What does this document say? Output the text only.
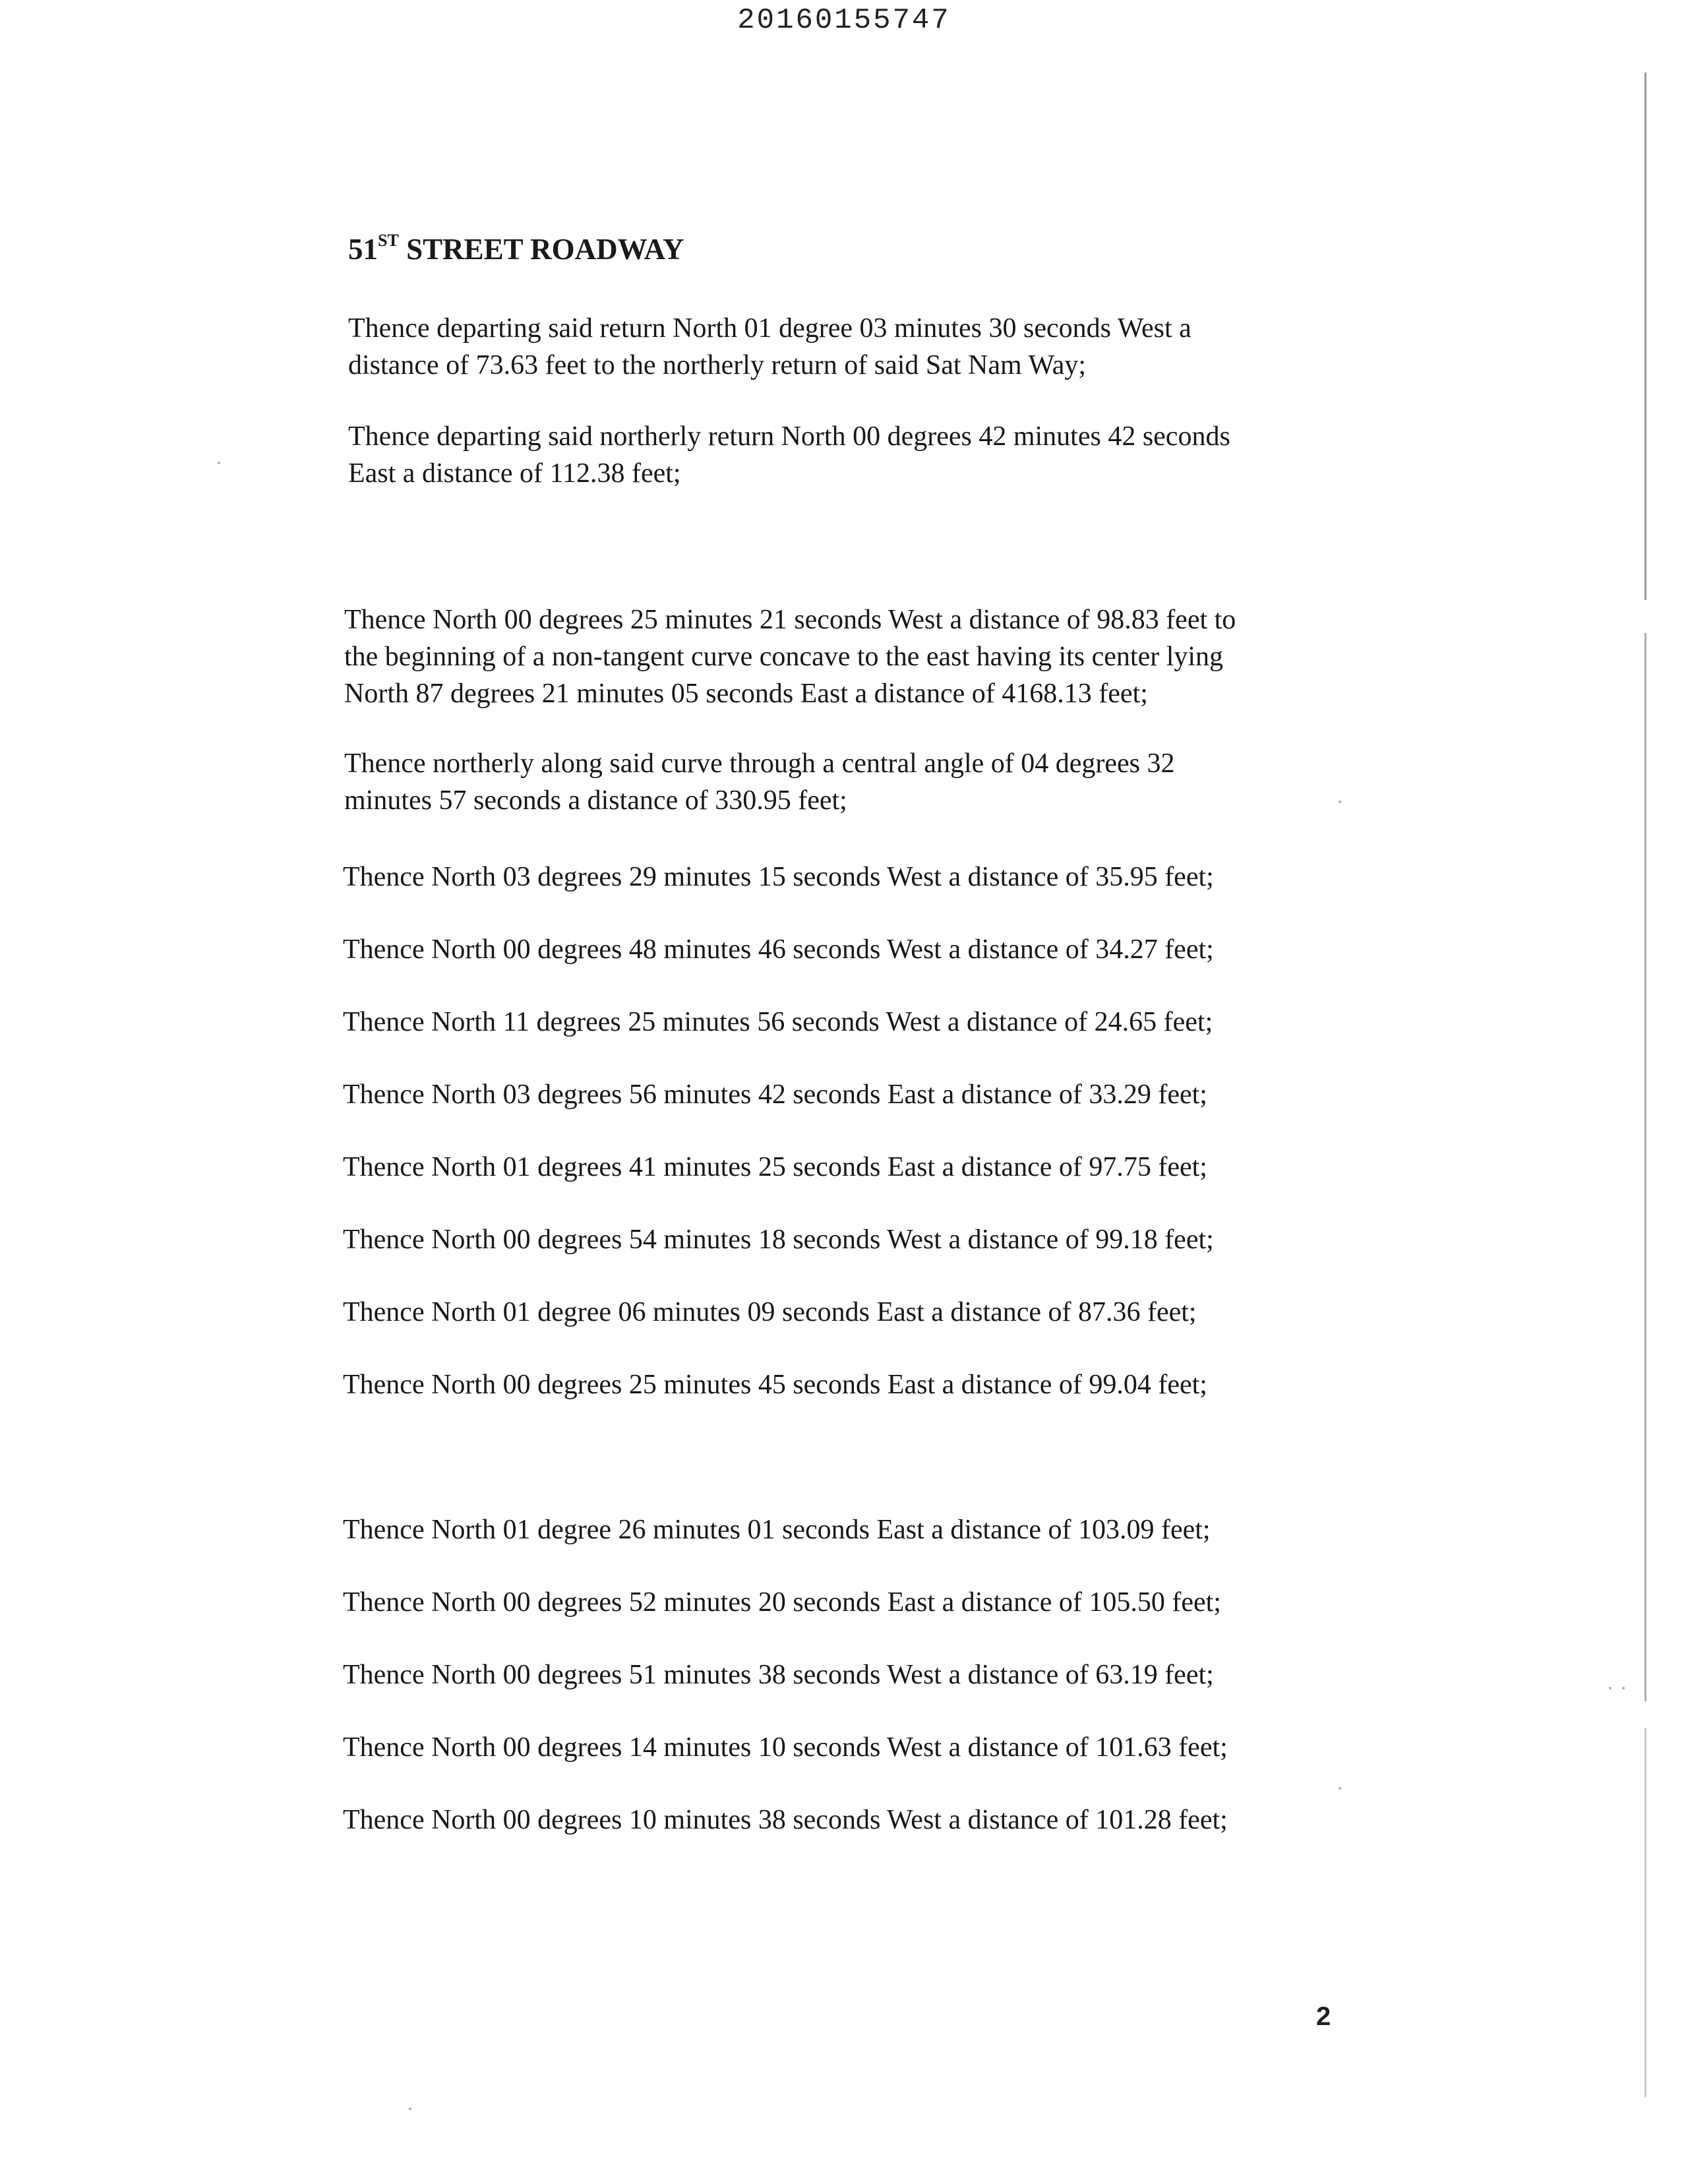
20160155747
51ST STREET ROADWAY

Thence departing said return North 01 degree 03 minutes 30 seconds West a
distance of 73.63 feet to the northerly return of said Sat Nam Way;

Thence departing said northerly return North 00 degrees 42 minutes 42 seconds
East a distance of 112.38 feet;

Thence North 00 degrees 25 minutes 21 seconds West a distance of 98.83 feet to
the beginning of a non-tangent curve concave to the east having its center lying
North 87 degrees 21 minutes 05 seconds East a distance of 4168.13 feet;

Thence northerly along said curve through a central angle of 04 degrees 32
minutes 57 seconds a distance of 330.95 feet;

Thence North 03 degrees 29 minutes 15 seconds West a distance of 35.95 feet;

Thence North 00 degrees 48 minutes 46 seconds West a distance of 34.27 feet;

Thence North 11 degrees 25 minutes 56 seconds West a distance of 24.65 feet;

Thence North 03 degrees 56 minutes 42 seconds East a distance of 33.29 feet;

Thence North 01 degrees 41 minutes 25 seconds East a distance of 97.75 feet;

Thence North 00 degrees 54 minutes 18 seconds West a distance of 99.18 feet;

Thence North 01 degree 06 minutes 09 seconds East a distance of 87.36 feet;

Thence North 00 degrees 25 minutes 45 seconds East a distance of 99.04 feet;

Thence North 01 degree 26 minutes 01 seconds East a distance of 103.09 feet;

Thence North 00 degrees 52 minutes 20 seconds East a distance of 105.50 feet;

Thence North 00 degrees 51 minutes 38 seconds West a distance of 63.19 feet;

Thence North 00 degrees 14 minutes 10 seconds West a distance of 101.63 feet;

Thence North 00 degrees 10 minutes 38 seconds West a distance of 101.28 feet;

2
